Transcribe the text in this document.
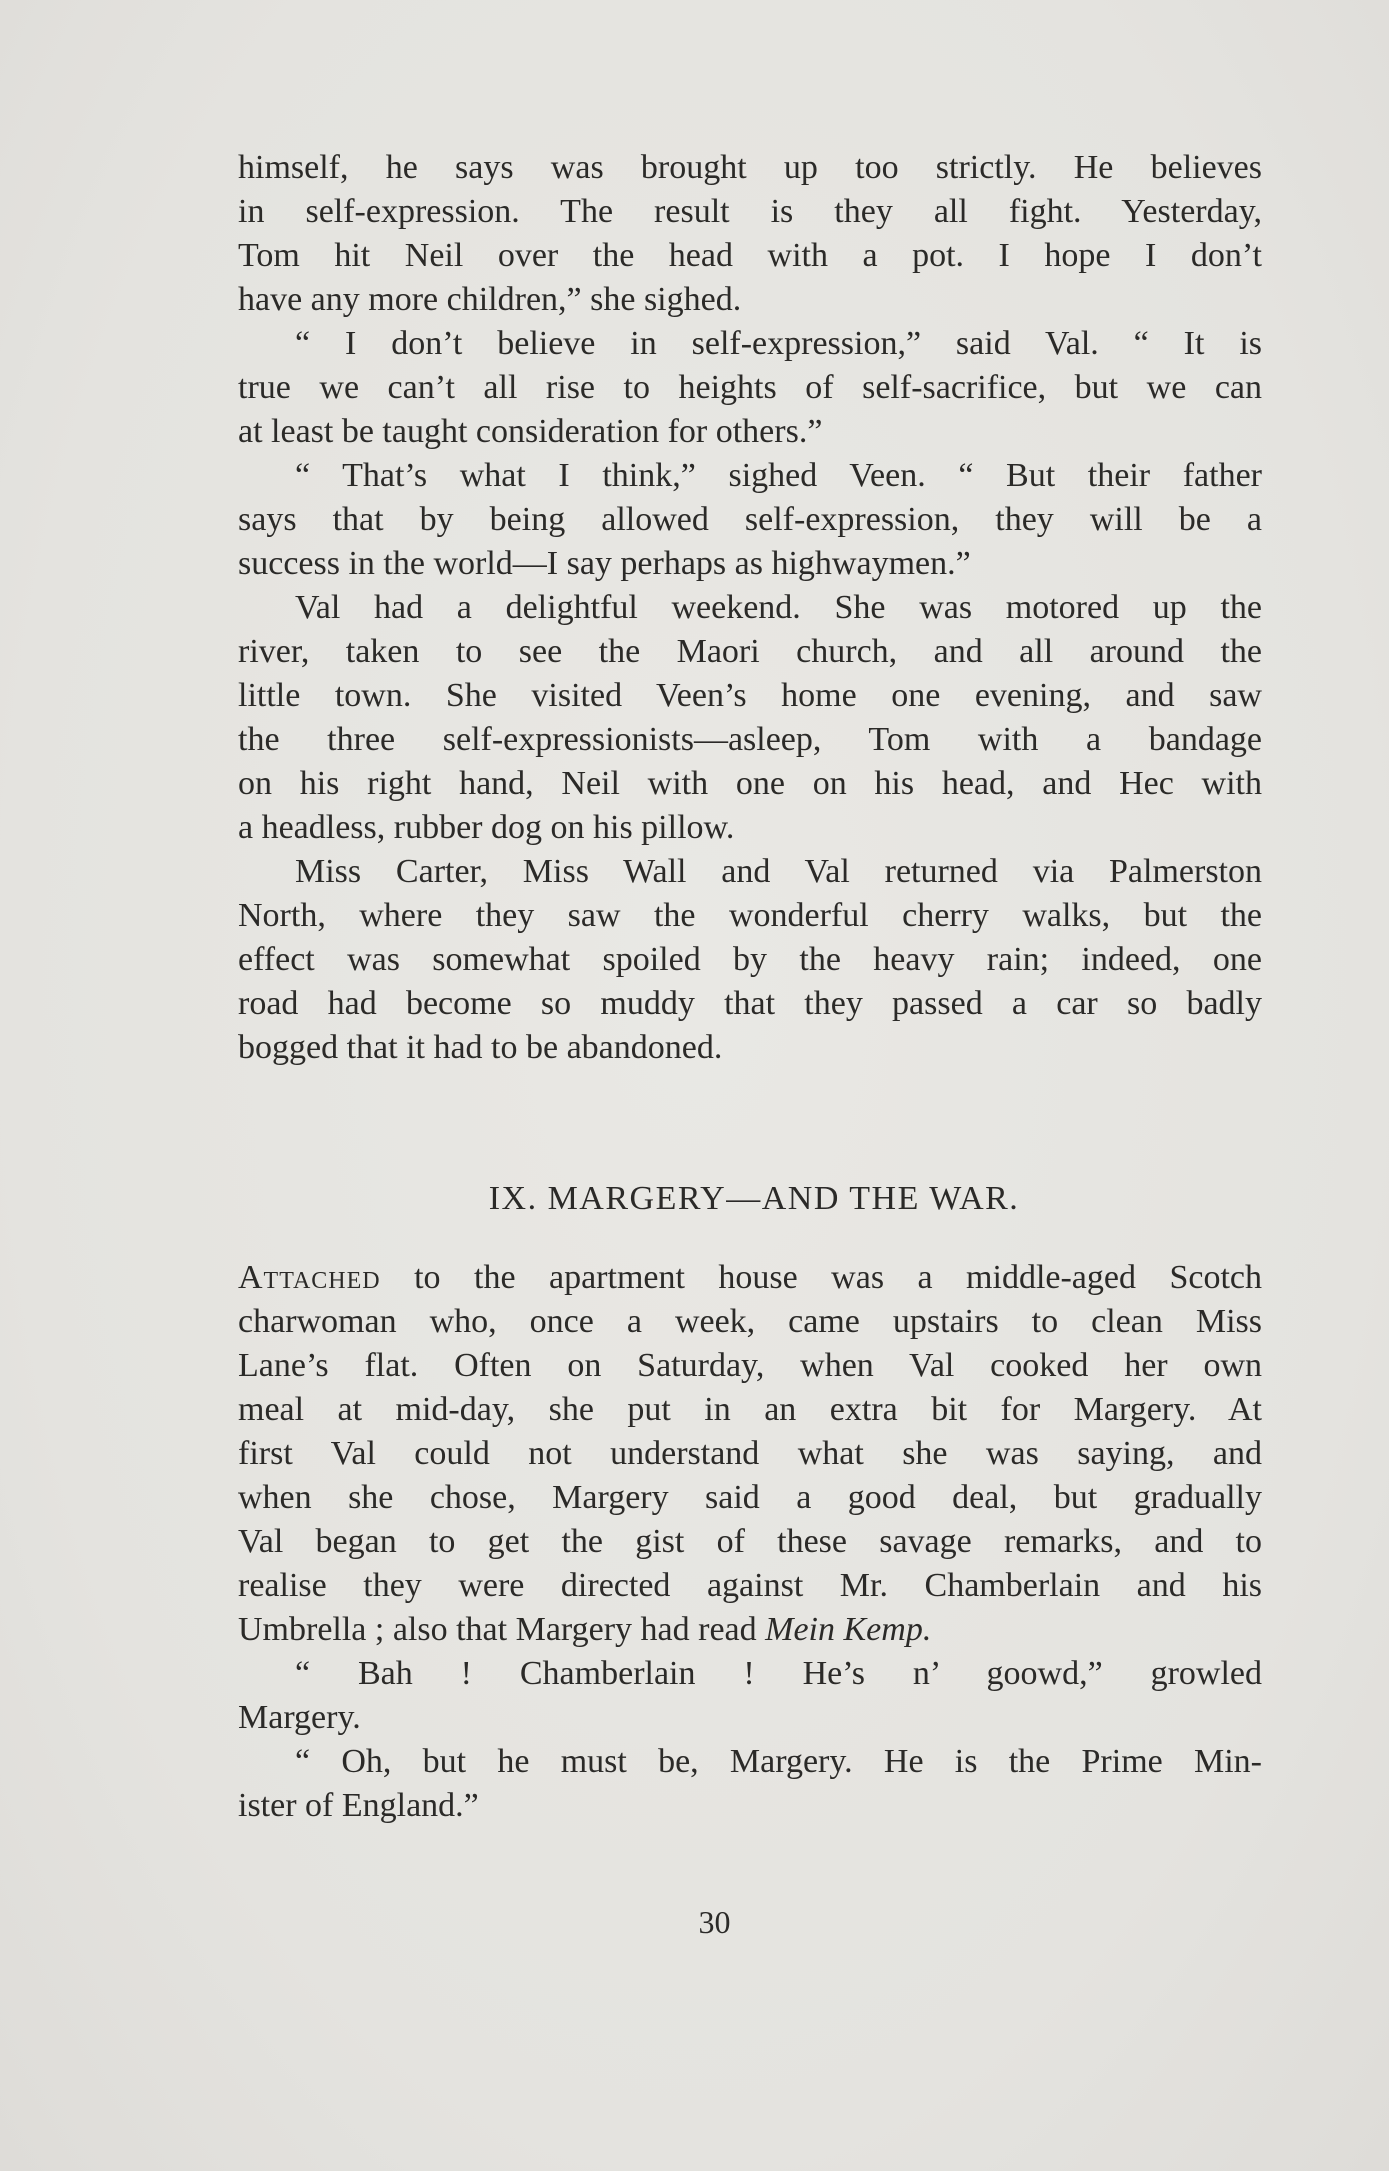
himself, he says was brought up too strictly. He believes
in self-expression. The result is they all fight. Yesterday,
Tom hit Neil over the head with a pot. I hope I don’t
have any more children,” she sighed.
“ I don’t believe in self-expression,” said Val. “ It is
true we can’t all rise to heights of self-sacrifice, but we can
at least be taught consideration for others.”
“ That’s what I think,” sighed Veen. “ But their father
says that by being allowed self-expression, they will be a
success in the world—I say perhaps as highwaymen.”
Val had a delightful weekend. She was motored up the
river, taken to see the Maori church, and all around the
little town. She visited Veen’s home one evening, and saw
the three self-expressionists—asleep, Tom with a bandage
on his right hand, Neil with one on his head, and Hec with
a headless, rubber dog on his pillow.
Miss Carter, Miss Wall and Val returned via Palmerston
North, where they saw the wonderful cherry walks, but the
effect was somewhat spoiled by the heavy rain; indeed, one
road had become so muddy that they passed a car so badly
bogged that it had to be abandoned.
IX. MARGERY—AND THE WAR.
Attached to the apartment house was a middle-aged Scotch
charwoman who, once a week, came upstairs to clean Miss
Lane’s flat. Often on Saturday, when Val cooked her own
meal at mid-day, she put in an extra bit for Margery. At
first Val could not understand what she was saying, and
when she chose, Margery said a good deal, but gradually
Val began to get the gist of these savage remarks, and to
realise they were directed against Mr. Chamberlain and his
Umbrella ; also that Margery had read Mein Kemp.
“ Bah ! Chamberlain ! He’s n’ goowd,” growled
Margery.
“ Oh, but he must be, Margery. He is the Prime Min-
ister of England.”
30
